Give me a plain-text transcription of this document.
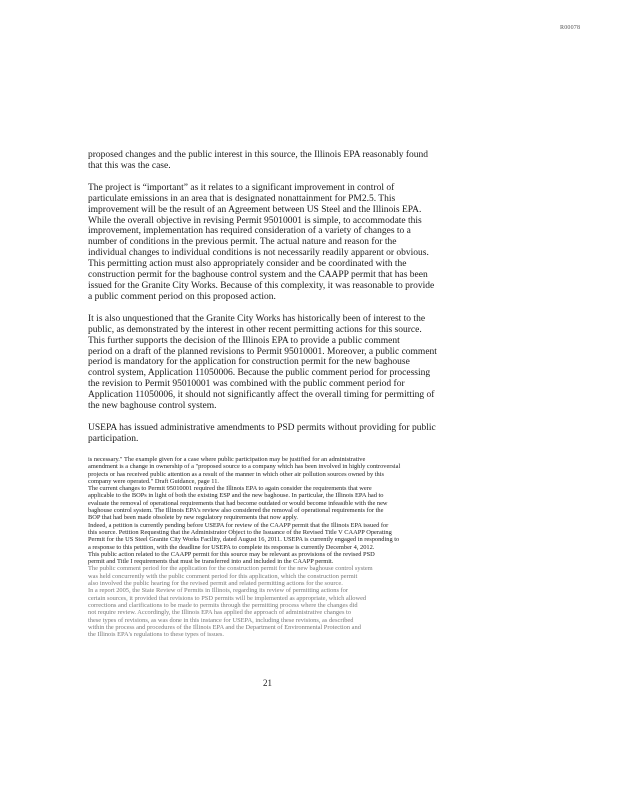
R00078

proposed changes and the public interest in this source, the Illinois EPA reasonably found
that this was the case.

The project is “important” as it relates to a significant improvement in control of
particulate emissions in an area that is designated nonattainment for PM2.5. This
improvement will be the result of an Agreement between US Steel and the Illinois EPA.
While the overall objective in revising Permit 95010001 is simple, to accommodate this
improvement, implementation has required consideration of a variety of changes to a
number of conditions in the previous permit. The actual nature and reason for the
individual changes to individual conditions is not necessarily readily apparent or obvious.
This permitting action must also appropriately consider and be coordinated with the
construction permit for the baghouse control system and the CAAPP permit that has been
issued for the Granite City Works. Because of this complexity, it was reasonable to provide
a public comment period on this proposed action.

It is also unquestioned that the Granite City Works has historically been of interest to the
public, as demonstrated by the interest in other recent permitting actions for this source.
This further supports the decision of the Illinois EPA to provide a public comment
period on a draft of the planned revisions to Permit 95010001. Moreover, a public comment
period is mandatory for the application for construction permit for the new baghouse
control system, Application 11050006. Because the public comment period for processing
the revision to Permit 95010001 was combined with the public comment period for
Application 11050006, it should not significantly affect the overall timing for permitting of
the new baghouse control system.

USEPA has issued administrative amendments to PSD permits without providing for public
participation.

is necessary." The example given for a case where public participation may be justified for an administrative
amendment is a change in ownership of a "proposed source to a company which has been involved in highly controversial
projects or has received public attention as a result of the manner in which other air pollution sources owned by this
company were operated." Draft Guidance, page 11.
The current changes to Permit 95010001 required the Illinois EPA to again consider the requirements that were
applicable to the BOPs in light of both the existing ESP and the new baghouse. In particular, the Illinois EPA had to
evaluate the removal of operational requirements that had become outdated or would become infeasible with the new
baghouse control system. The Illinois EPA's review also considered the removal of operational requirements for the
BOP that had been made obsolete by new regulatory requirements that now apply.
Indeed, a petition is currently pending before USEPA for review of the CAAPP permit that the Illinois EPA issued for
this source. Petition Requesting that the Administrator Object to the Issuance of the Revised Title V CAAPP Operating
Permit for the US Steel Granite City Works Facility, dated August 16, 2011. USEPA is currently engaged in responding to
a response to this petition, with the deadline for USEPA to complete its response is currently December 4, 2012.
This public action related to the CAAPP permit for this source may be relevant as provisions of the revised PSD
permit and Title I requirements that must be transferred into and included in the CAAPP permit.
The public comment period for the application for the construction permit for the new baghouse control system
was held concurrently with the public comment period for this application, which the construction permit
also involved the public hearing for the revised permit and related permitting actions for the source.
In a report 2005, the State Review of Permits in Illinois, regarding its review of permitting actions for
certain sources, it provided that revisions to PSD permits will be implemented as appropriate, which allowed
corrections and clarifications to be made to permits through the permitting process where the changes did
not require review. Accordingly, the Illinois EPA has applied the approach of administrative changes to
these types of revisions, as was done in this instance for USEPA, including these revisions, as described
within the process and procedures of the Illinois EPA and the Department of Environmental Protection and
the Illinois EPA's regulations to these types of issues.
21
